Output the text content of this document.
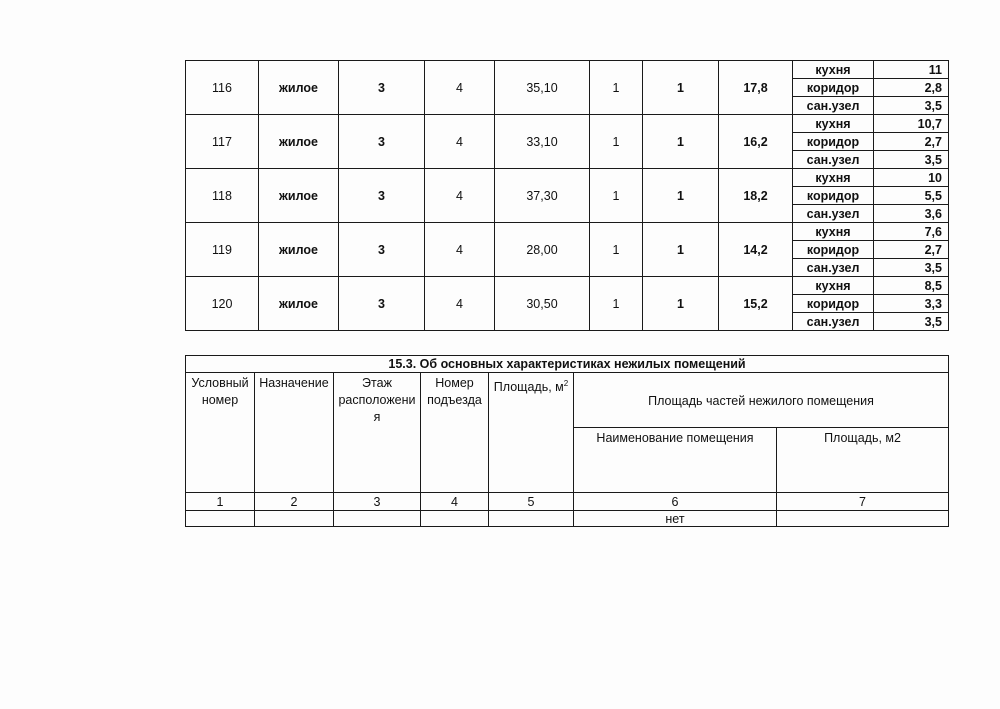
116	жилое	3	4	35,10	1	1	17,8	кухня	11
								коридор	2,8
								сан.узел	3,5
117	жилое	3	4	33,10	1	1	16,2	кухня	10,7
								коридор	2,7
								сан.узел	3,5
118	жилое	3	4	37,30	1	1	18,2	кухня	10
								коридор	5,5
								сан.узел	3,6
119	жилое	3	4	28,00	1	1	14,2	кухня	7,6
								коридор	2,7
								сан.узел	3,5
120	жилое	3	4	30,50	1	1	15,2	кухня	8,5
								коридор	3,3
								сан.узел	3,5
15.3. Об основных характеристиках нежилых помещений						
Условный номер	Назначение	Этаж расположени я	Номер подъезда	Площадь, $м^2$	Площадь частей нежилого помещения	
					Наименование помещения	Площадь, м2
1	2	3	4	5	6	7
					нет	
